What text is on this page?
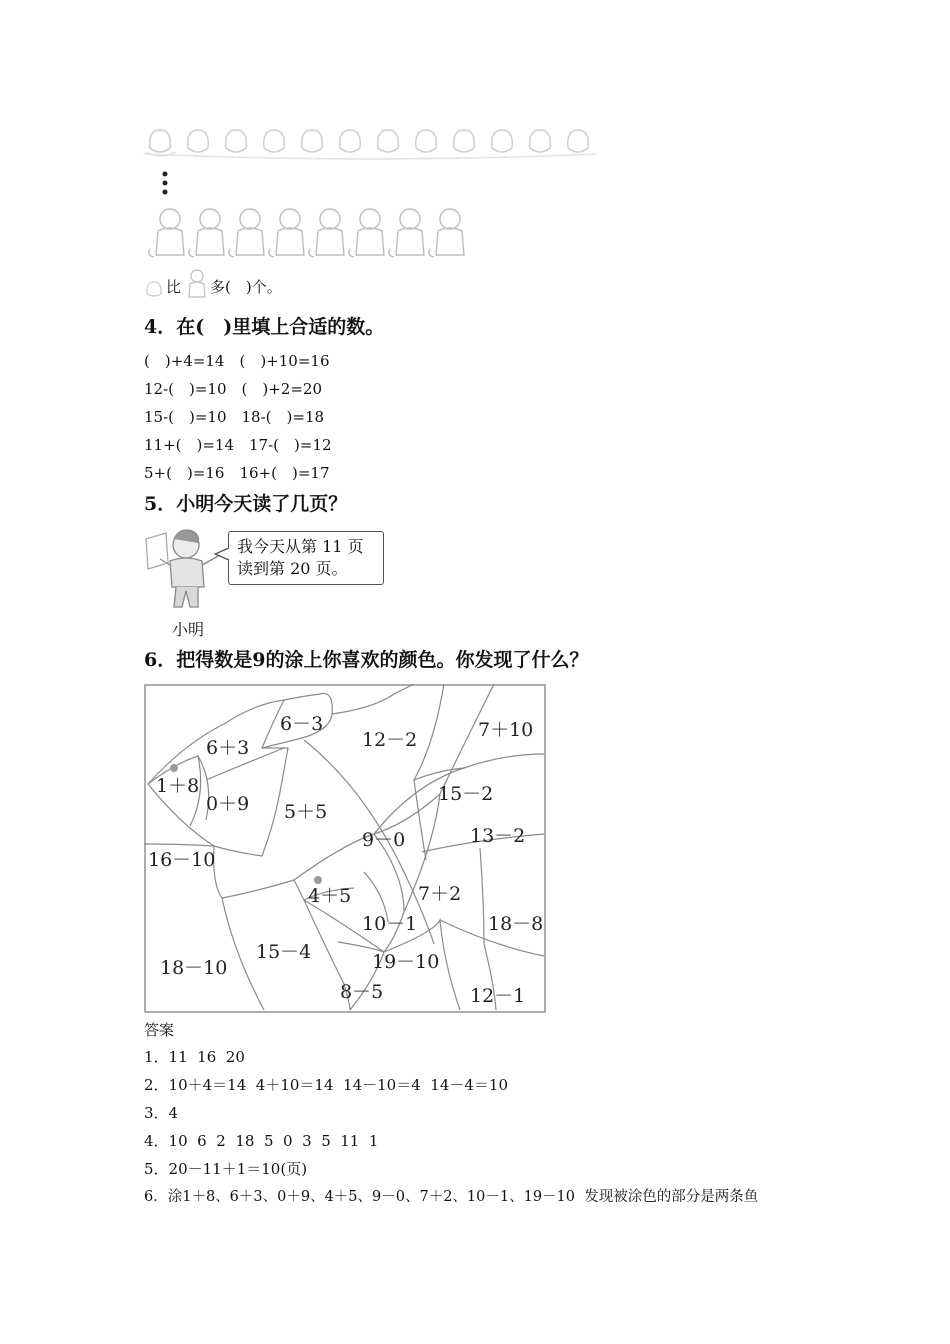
比 多(　)个。
4．在(　)里填上合适的数。
(　)+4=14　(　)+10=16
12-(　)=10　(　)+2=20
15-(　)=10　18-(　)=18
11+(　)=14　17-(　)=12
5+(　)=16　16+(　)=17
5．小明今天读了几页？
我今天从第 11 页
读到第 20 页。
小明
6．把得数是9的涂上你喜欢的颜色。你发现了什么？
6－3
12－2	7＋10
6＋3
1＋8
0＋9 5＋5
15－2
9－0	13－2
16－10
4＋5	7＋2
10－1	18－8
15－4	19－10
18－10
8－5	12－1
答案
1．11  16  20
2．10＋4＝14  4＋10＝14  14－10＝4  14－4＝10
3．4
4．10  6  2  18  5  0  3  5  11  1
5．20－11＋1＝10(页)
6．涂1＋8、6＋3、0＋9、4＋5、9－0、7＋2、10－1、19－10  发现被涂色的部分是两条鱼
